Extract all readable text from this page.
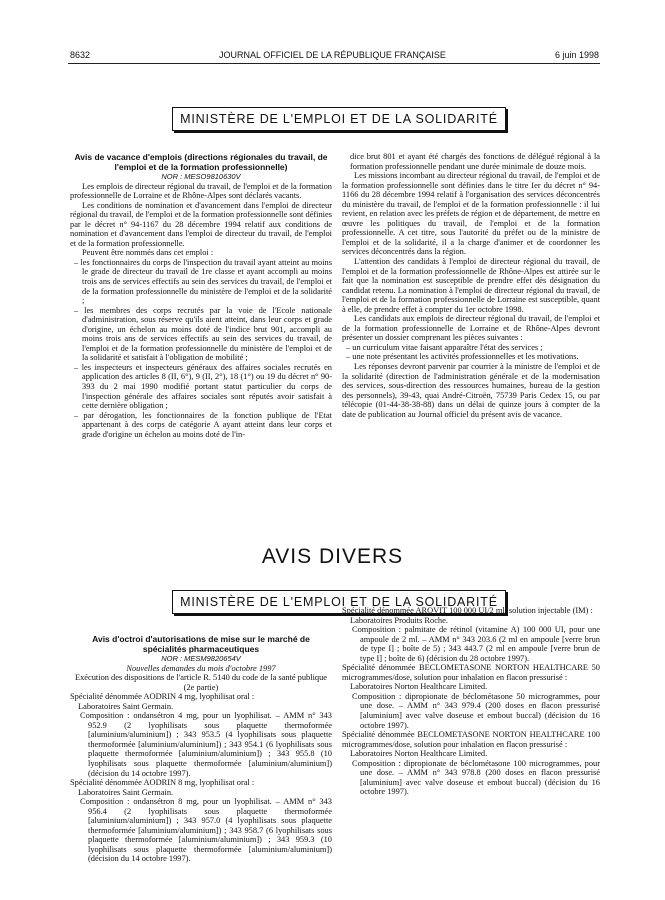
8632	JOURNAL OFFICIEL DE LA RÉPUBLIQUE FRANÇAISE	6 juin 1998
MINISTÈRE DE L'EMPLOI ET DE LA SOLIDARITÉ

Avis de vacance d'emplois (directions régionales du travail, de l'emploi et de la formation professionnelle)

NOR : MESO9810630V

Les emplois de directeur régional du travail, de l'emploi et de la formation professionnelle de Lorraine et de Rhône-Alpes sont déclarés vacants.

Les conditions de nomination et d'avancement dans l'emploi de directeur régional du travail, de l'emploi et de la formation professionnelle sont définies par le décret n° 94-1167 du 28 décembre 1994 relatif aux conditions de nomination et d'avancement dans l'emploi de directeur du travail, de l'emploi et de la formation professionnelle.

Peuvent être nommés dans cet emploi :

– les fonctionnaires du corps de l'inspection du travail ayant atteint au moins le grade de directeur du travail de 1re classe et ayant accompli au moins trois ans de services effectifs au sein des services du travail, de l'emploi et de la formation professionnelle du ministère de l'emploi et de la solidarité ;

– les membres des corps recrutés par la voie de l'Ecole nationale d'administration, sous réserve qu'ils aient atteint, dans leur corps et grade d'origine, un échelon au moins doté de l'indice brut 901, accompli au moins trois ans de services effectifs au sein des services du travail, de l'emploi et de la formation professionnelle du ministère de l'emploi et de la solidarité et satisfait à l'obligation de mobilité ;

– les inspecteurs et inspecteurs généraux des affaires sociales recrutés en application des articles 8 (II, 6°), 9 (II, 2°), 18 (1°) ou 19 du décret n° 90-393 du 2 mai 1990 modifié portant statut particulier du corps de l'inspection générale des affaires sociales sont réputés avoir satisfait à cette dernière obligation ;

– par dérogation, les fonctionnaires de la fonction publique de l'Etat appartenant à des corps de catégorie A ayant atteint dans leur corps et grade d'origine un échelon au moins doté de l'in-

dice brut 801 et ayant été chargés des fonctions de délégué régional à la formation professionnelle pendant une durée minimale de douze mois.

Les missions incombant au directeur régional du travail, de l'emploi et de la formation professionnelle sont définies dans le titre Ier du décret n° 94-1166 du 28 décembre 1994 relatif à l'organisation des services déconcentrés du ministère du travail, de l'emploi et de la formation professionnelle : il lui revient, en relation avec les préfets de région et de département, de mettre en œuvre les politiques du travail, de l'emploi et de la formation professionnelle. A cet titre, sous l'autorité du préfet ou de la ministre de l'emploi et de la solidarité, il a la charge d'animer et de coordonner les services déconcentrés dans la région.

L'attention des candidats à l'emploi de directeur régional du travail, de l'emploi et de la formation professionnelle de Rhône-Alpes est attirée sur le fait que la nomination est susceptible de prendre effet dès désignation du candidat retenu. La nomination à l'emploi de directeur régional du travail, de l'emploi et de la formation professionnelle de Lorraine est susceptible, quant à elle, de prendre effet à compter du 1er octobre 1998.

Les candidats aux emplois de directeur régional du travail, de l'emploi et de la formation professionnelle de Lorraine et de Rhône-Alpes devront présenter un dossier comprenant les pièces suivantes :

– un curriculum vitae faisant apparaître l'état des services ;

– une note présentant les activités professionnelles et les motivations.

Les réponses devront parvenir par courrier à la ministre de l'emploi et de la solidarité (direction de l'administration générale et de la modernisation des services, sous-direction des ressources humaines, bureau de la gestion des personnels), 39-43, quai André-Citroën, 75739 Paris Cedex 15, ou par télécopie (01-44-38-38-88) dans un délai de quinze jours à compter de la date de publication au Journal officiel du présent avis de vacance.

AVIS DIVERS
MINISTÈRE DE L'EMPLOI ET DE LA SOLIDARITÉ

Avis d'octroi d'autorisations de mise sur le marché de spécialités pharmaceutiques

NOR : MESM9820654V

Nouvelles demandes du mois d'octobre 1997

Exécution des dispositions de l'article R. 5140 du code de la santé publique (2e partie)

Spécialité dénommée AODRIN 4 mg, lyophilisat oral :

Laboratoires Saint Germain.

Composition : ondansétron 4 mg, pour un lyophilisat. – AMM n° 343 952.9 (2 lyophilisats sous plaquette thermoformée [aluminium/aluminium]) ; 343 953.5 (4 lyophilisats sous plaquette thermoformée [aluminium/aluminium]) ; 343 954.1 (6 lyophilisats sous plaquette thermoformée [aluminium/aluminium]) ; 343 955.8 (10 lyophilisats sous plaquette thermoformée [aluminium/aluminium]) (décision du 14 octobre 1997).

Spécialité dénommée AODRIN 8 mg, lyophilisat oral :

Laboratoires Saint Germain.

Composition : ondansétron 8 mg, pour un lyophilisat. – AMM n° 343 956.4 (2 lyophilisats sous plaquette thermoformée [aluminium/aluminium]) ; 343 957.0 (4 lyophilisats sous plaquette thermoformée [aluminium/aluminium]) ; 343 958.7 (6 lyophilisats sous plaquette thermoformée [aluminium/aluminium]) ; 343 959.3 (10 lyophilisats sous plaquette thermoformée [aluminium/aluminium]) (décision du 14 octobre 1997).

Spécialité dénommée AROVIT 100 000 UI/2 ml, solution injectable (IM) :

Laboratoires Produits Roche.

Composition : palmitate de rétinol (vitamine A) 100 000 UI, pour une ampoule de 2 ml. – AMM n° 343 203.6 (2 ml en ampoule [verre brun de type I] ; boîte de 5) ; 343 443.7 (2 ml en ampoule [verre brun de type I] ; boîte de 6) (décision du 28 octobre 1997).

Spécialité dénommée BECLOMETASONE NORTON HEALTHCARE 50 microgrammes/dose, solution pour inhalation en flacon pressurisé :

Laboratoires Norton Healthcare Limited.

Composition : dipropionate de béclométasone 50 microgrammes, pour une dose. – AMM n° 343 979.4 (200 doses en flacon pressurisé [aluminium] avec valve doseuse et embout buccal) (décision du 16 octobre 1997).

Spécialité dénommée BECLOMETASONE NORTON HEALTHCARE 100 microgrammes/dose, solution pour inhalation en flacon pressurisé :

Laboratoires Norton Healthcare Limited.

Composition : dipropionate de béclométasone 100 microgrammes, pour une dose. – AMM n° 343 978.8 (200 doses en flacon pressurisé [aluminium] avec valve doseuse et embout buccal) (décision du 16 octobre 1997).
